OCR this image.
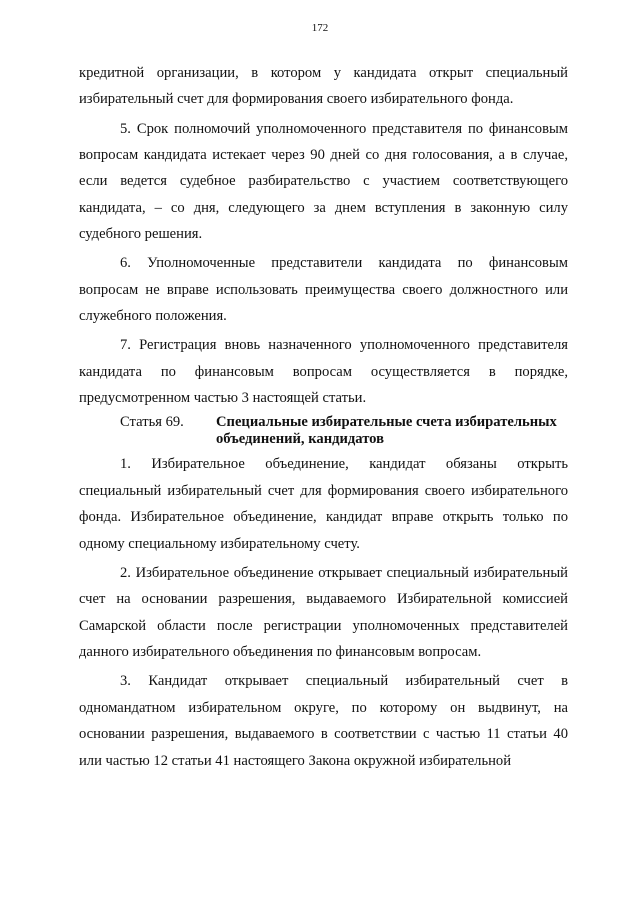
172

кредитной организации, в котором у кандидата открыт специальный избирательный счет для формирования своего избирательного фонда.

5. Срок полномочий уполномоченного представителя по финансовым вопросам кандидата истекает через 90 дней со дня голосования, а в случае, если ведется судебное разбирательство с участием соответствующего кандидата, – со дня, следующего за днем вступления в законную силу судебного решения.

6. Уполномоченные представители кандидата по финансовым вопросам не вправе использовать преимущества своего должностного или служебного положения.

7. Регистрация вновь назначенного уполномоченного представителя кандидата по финансовым вопросам осуществляется в порядке, предусмотренном частью 3 настоящей статьи.

Статья 69.	Специальные избирательные счета избирательных объединений, кандидатов

1. Избирательное объединение, кандидат обязаны открыть специальный избирательный счет для формирования своего избирательного фонда. Избирательное объединение, кандидат вправе открыть только по одному специальному избирательному счету.

2. Избирательное объединение открывает специальный избирательный счет на основании разрешения, выдаваемого Избирательной комиссией Самарской области после регистрации уполномоченных представителей данного избирательного объединения по финансовым вопросам.

3. Кандидат открывает специальный избирательный счет в одномандатном избирательном округе, по которому он выдвинут, на основании разрешения, выдаваемого в соответствии с частью 11 статьи 40 или частью 12 статьи 41 настоящего Закона окружной избирательной
